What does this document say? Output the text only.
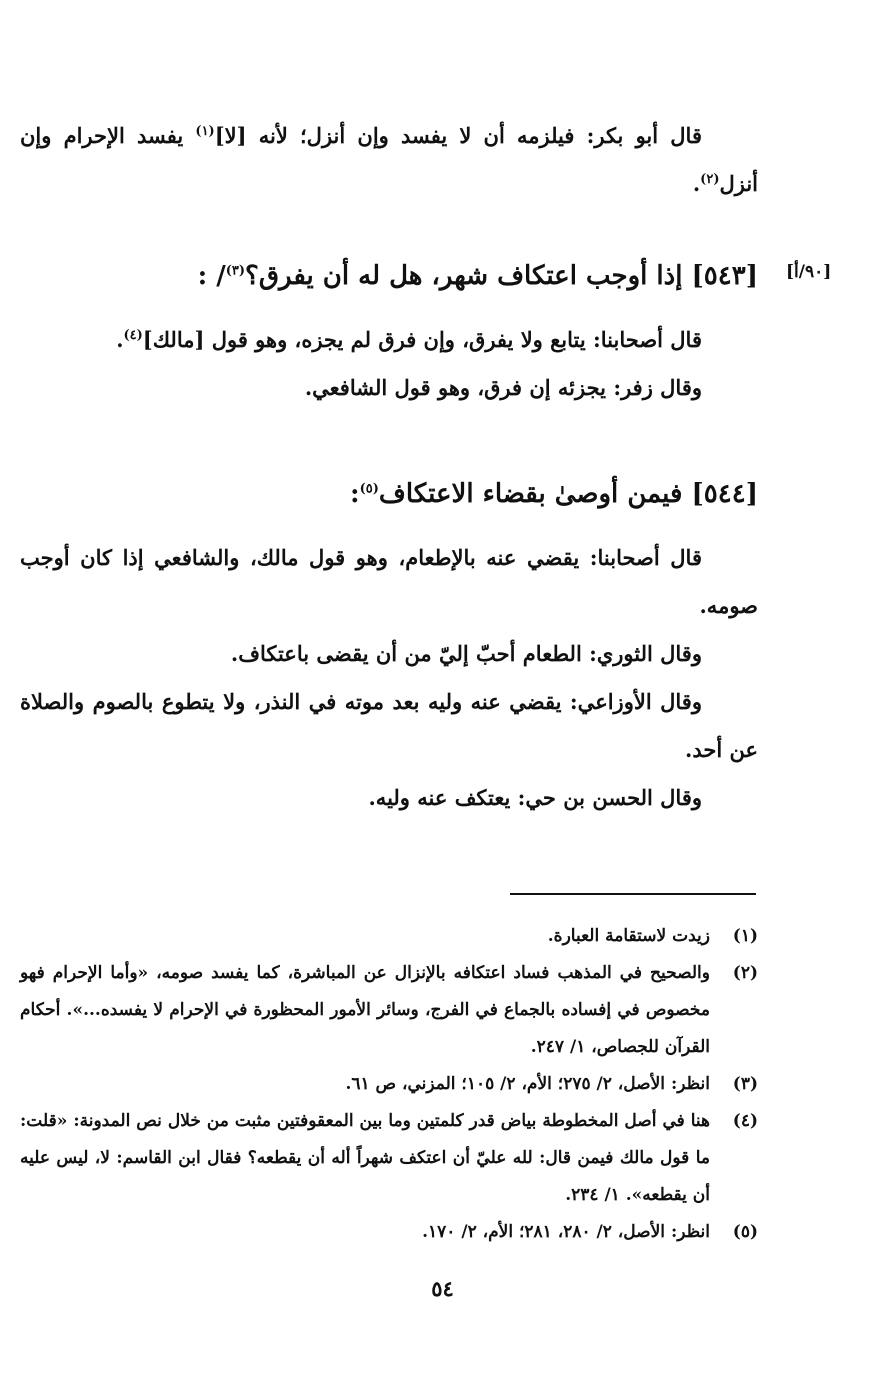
قال أبو بكر: فيلزمه أن لا يفسد وإن أنزل؛ لأنه [لا]$^{(١)}$ يفسد الإحرام وإن أنزل$^{(٢)}$.

[٩٠/أ]

[٥٤٣] إذا أوجب اعتكاف شهر، هل له أن يفرق؟$^{(٣)}$/ :

قال أصحابنا: يتابع ولا يفرق، وإن فرق لم يجزه، وهو قول [مالك]$^{(٤)}$.

وقال زفر: يجزئه إن فرق، وهو قول الشافعي.

[٥٤٤] فيمن أوصىٰ بقضاء الاعتكاف$^{(٥)}$:

قال أصحابنا: يقضي عنه بالإطعام، وهو قول مالك، والشافعي إذا كان أوجب صومه.

وقال الثوري: الطعام أحبّ إليّ من أن يقضى باعتكاف.

وقال الأوزاعي: يقضي عنه وليه بعد موته في النذر، ولا يتطوع بالصوم والصلاة عن أحد.

وقال الحسن بن حي: يعتكف عنه وليه.

(١)
زيدت لاستقامة العبارة.
(٢)
والصحيح في المذهب فساد اعتكافه بالإنزال عن المباشرة، كما يفسد صومه، «وأما الإحرام فهو مخصوص في إفساده بالجماع في الفرج، وسائر الأمور المحظورة في الإحرام لا يفسده...». أحكام القرآن للجصاص، ١/ ٢٤٧.
(٣)
انظر: الأصل، ٢/ ٢٧٥؛ الأم، ٢/ ١٠٥؛ المزني، ص ٦١.
(٤)
هنا في أصل المخطوطة بياض قدر كلمتين وما بين المعقوفتين مثبت من خلال نص المدونة: «قلت: ما قول مالك فيمن قال: لله عليّ أن اعتكف شهراً أله أن يقطعه؟ فقال ابن القاسم: لا، ليس عليه أن يقطعه». ١/ ٢٣٤.
(٥)
انظر: الأصل، ٢/ ٢٨٠، ٢٨١؛ الأم، ٢/ ١٧٠.
٥٤
